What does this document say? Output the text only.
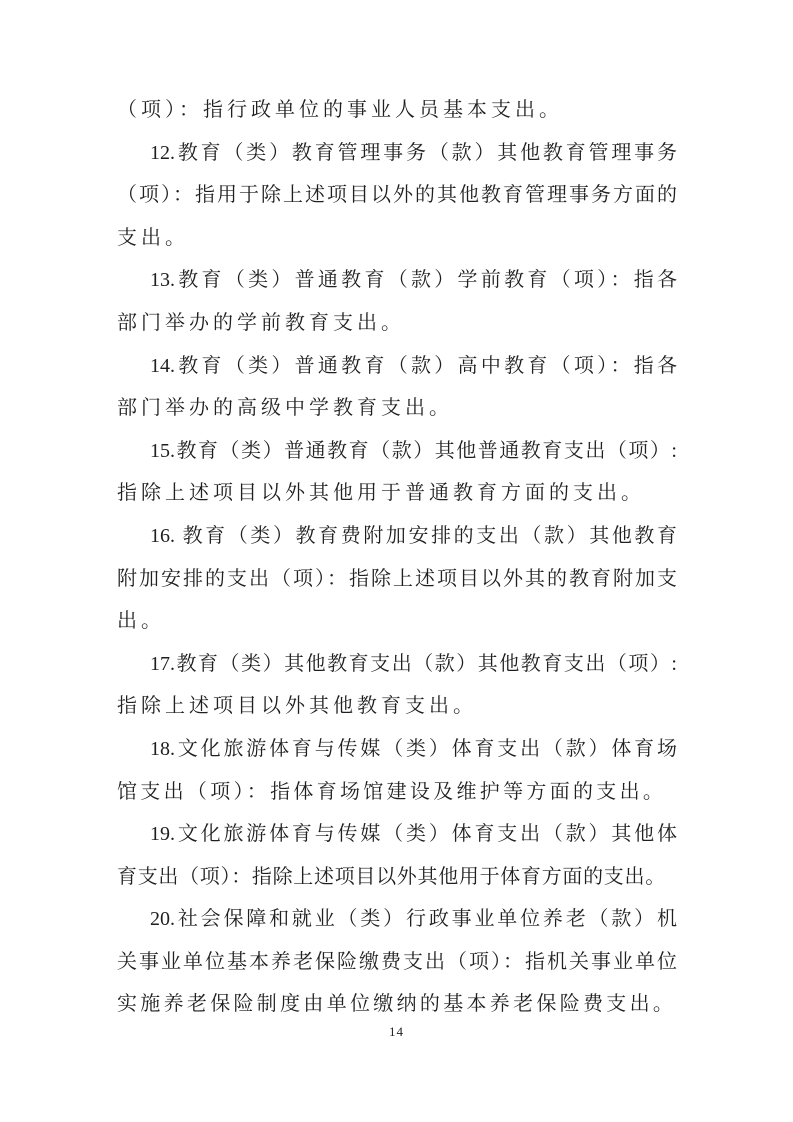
（项）：指行政单位的事业人员基本支出。
12.教育（类）教育管理事务（款）其他教育管理事务
（项）：指用于除上述项目以外的其他教育管理事务方面的
支出。
13.教育（类）普通教育（款）学前教育（项）：指各
部门举办的学前教育支出。
14.教育（类）普通教育（款）高中教育（项）：指各
部门举办的高级中学教育支出。
15.教育（类）普通教育（款）其他普通教育支出（项）:
指除上述项目以外其他用于普通教育方面的支出。
16. 教育（类）教育费附加安排的支出（款）其他教育
附加安排的支出（项）：指除上述项目以外其的教育附加支
出。
17.教育（类）其他教育支出（款）其他教育支出（项）:
指除上述项目以外其他教育支出。
18.文化旅游体育与传媒（类）体育支出（款）体育场
馆支出（项）：指体育场馆建设及维护等方面的支出。
19.文化旅游体育与传媒（类）体育支出（款）其他体
育支出（项）：指除上述项目以外其他用于体育方面的支出。
20.社会保障和就业（类）行政事业单位养老（款）机
关事业单位基本养老保险缴费支出（项）：指机关事业单位
实施养老保险制度由单位缴纳的基本养老保险费支出。
14
